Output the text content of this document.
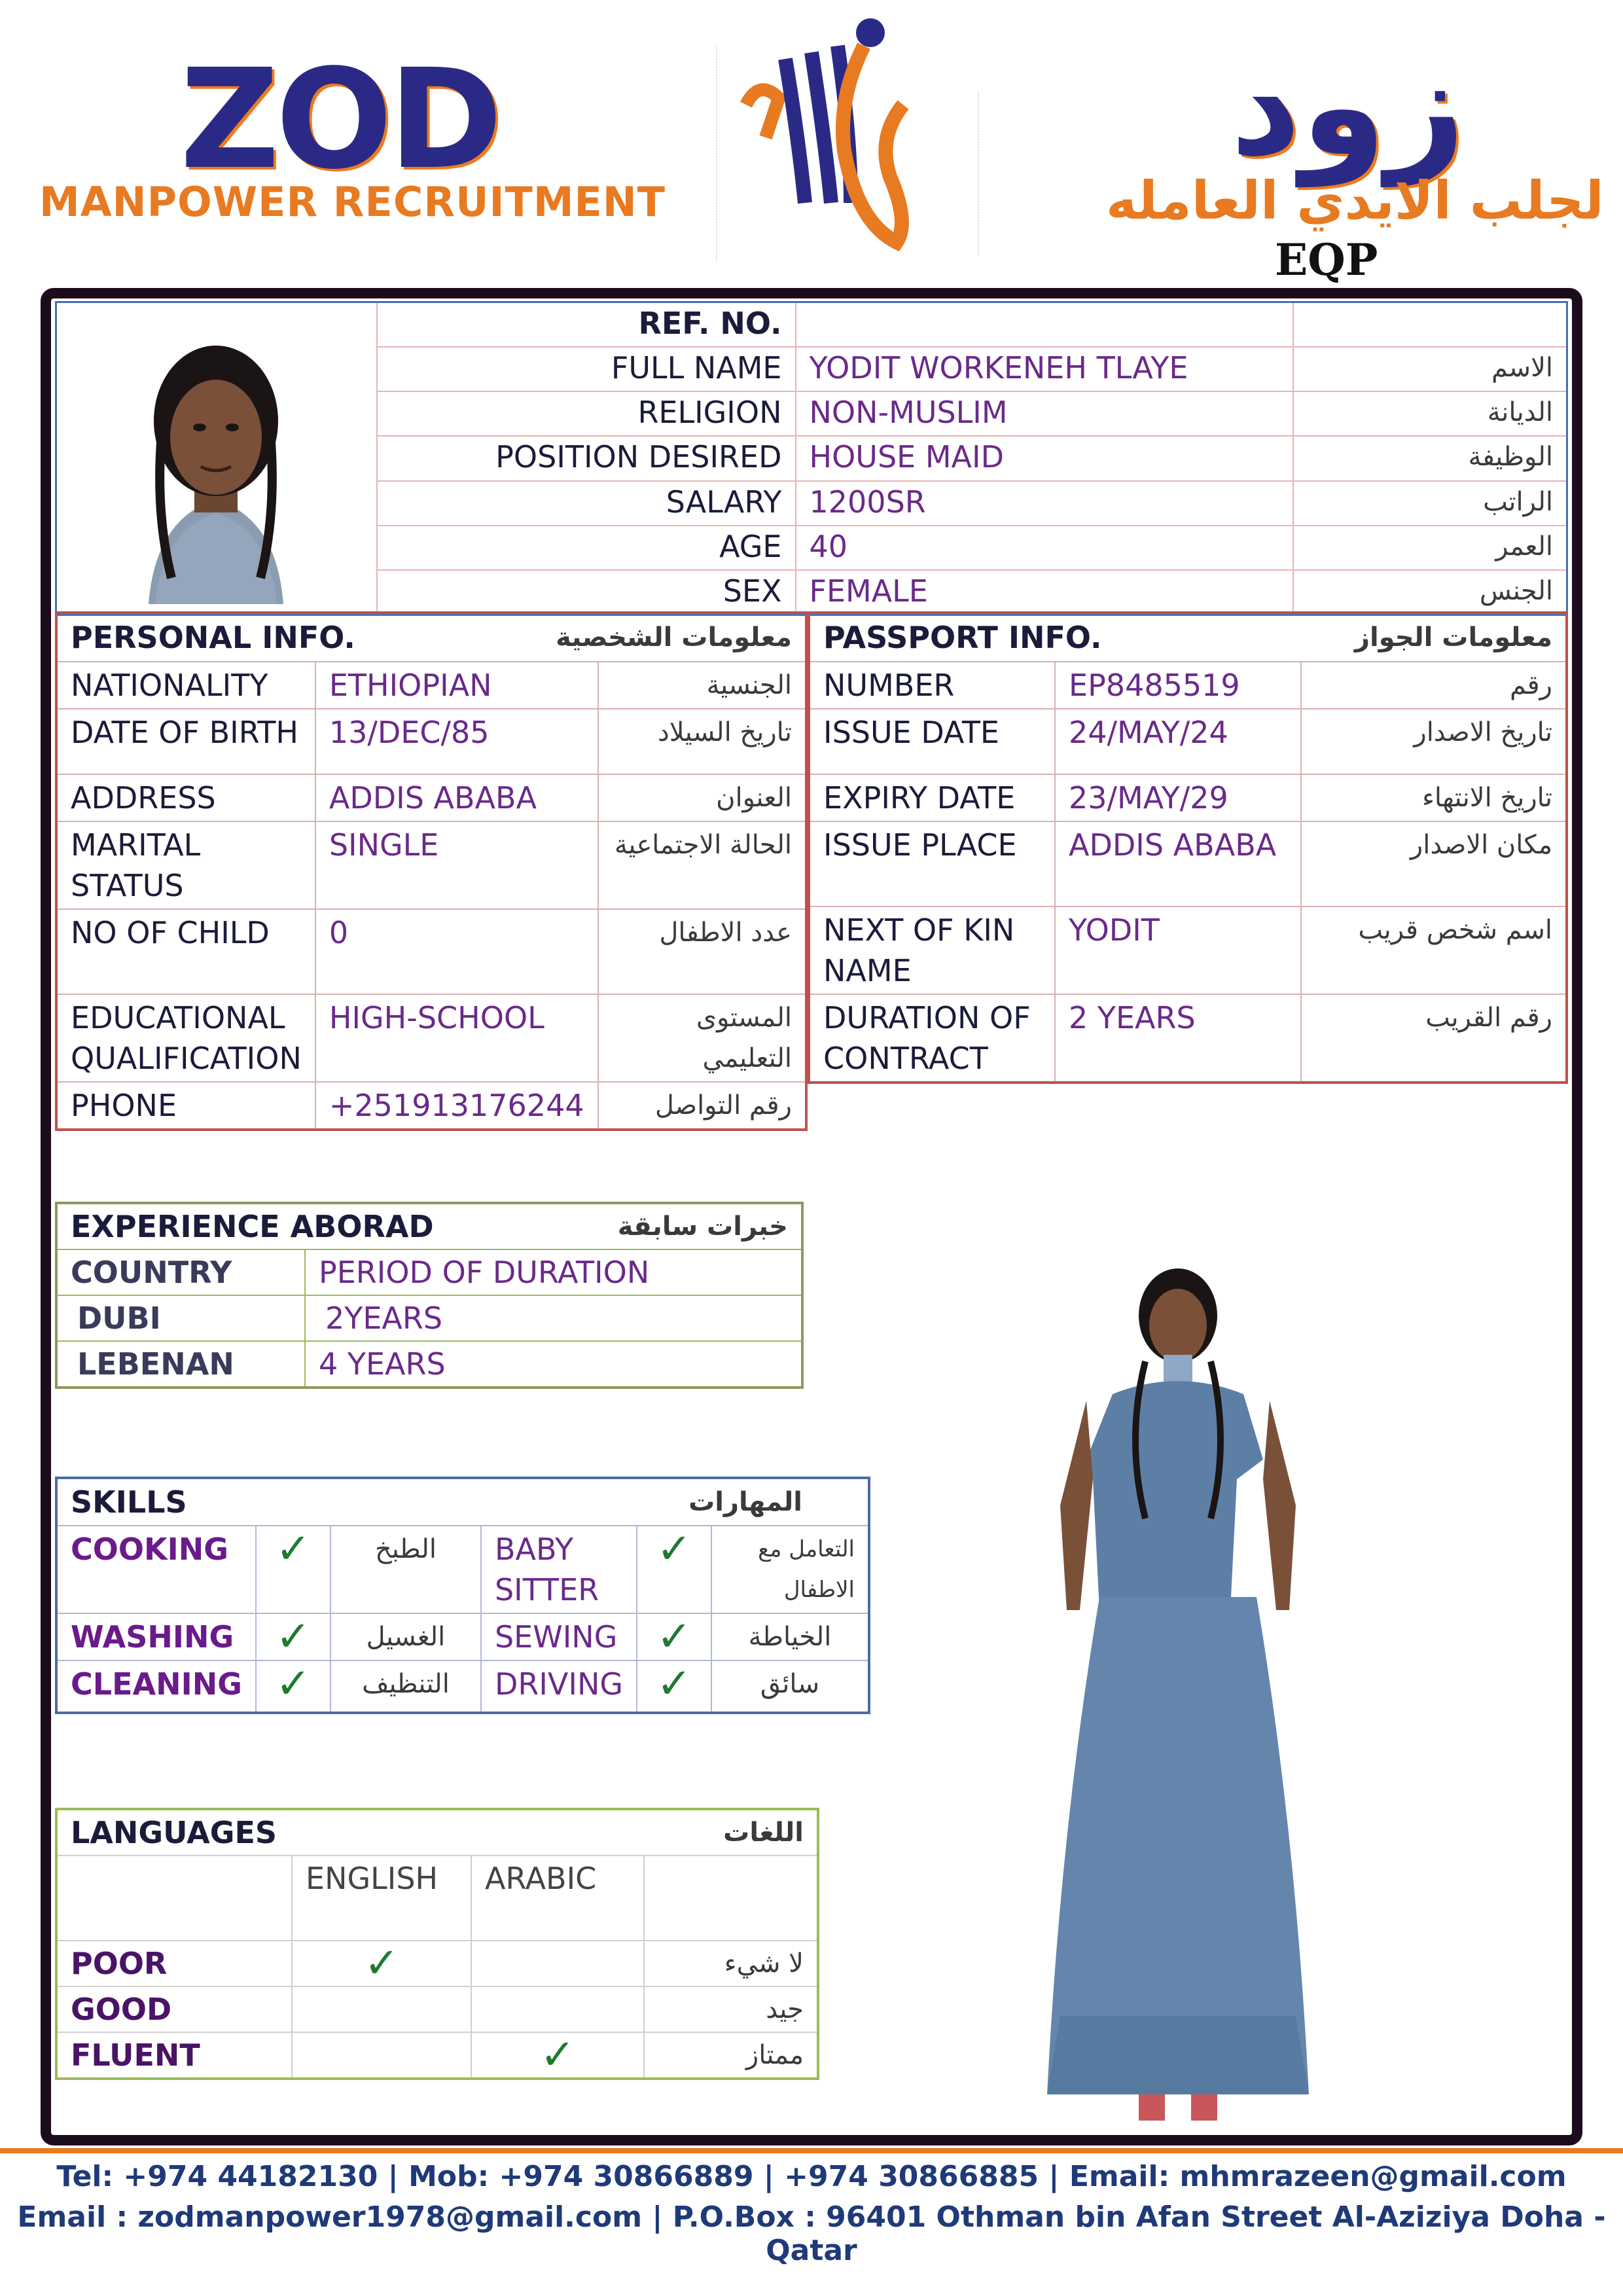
ZOD
MANPOWER RECRUITMENT
زود
لجلب الايدي العامله
EQP
	REF. NO.		
	FULL NAME	YODIT WORKENEH TLAYE	الاسم
	RELIGION	NON-MUSLIM	الديانة
	POSITION DESIRED	HOUSE MAID	الوظيفة
	SALARY	1200SR	الراتب
	AGE	40	العمر
	SEX	FEMALE	الجنس
PERSONAL INFO. معلومات الشخصية		

NATIONALITY	ETHIOPIAN	الجنسية
DATE OF BIRTH	13/DEC/85	تاريخ السيلاد
ADDRESS	ADDIS ABABA	العنوان
MARITAL STATUS	SINGLE	الحالة الاجتماعية
NO OF CHILD	0	عدد الاطفال
EDUCATIONAL QUALIFICATION	HIGH-SCHOOL	المستوى التعليمي
PHONE	+251913176244	رقم التواصل
PASSPORT INFO. معلومات الجواز		

NUMBER	EP8485519	رقم
ISSUE DATE	24/MAY/24	تاريخ الاصدار
EXPIRY DATE	23/MAY/29	تاريخ الانتهاء
ISSUE PLACE	ADDIS ABABA	مكان الاصدار
NEXT OF KIN NAME	YODIT	اسم شخص قريب
DURATION OF CONTRACT	2 YEARS	رقم القريب
EXPERIENCE ABORAD خبرات سابقة	

COUNTRY	PERIOD OF DURATION
DUBI	2YEARS
LEBENAN	4 YEARS
SKILLS المهارات					

COOKING	✓	الطبخ	BABY SITTER	✓	التعامل مع الاطفال
WASHING	✓	الغسيل	SEWING	✓	الخياطة
CLEANING	✓	التنظيف	DRIVING	✓	سائق
LANGUAGES اللغات			

	ENGLISH	ARABIC	
POOR	✓		لا شيء
GOOD			جيد
FLUENT		✓	ممتاز
Tel: +974 44182130 | Mob: +974 30866889 | +974 30866885 | Email: mhmrazeen@gmail.com
Email : zodmanpower1978@gmail.com | P.O.Box : 96401 Othman bin Afan Street Al-Aziziya Doha - Qatar
